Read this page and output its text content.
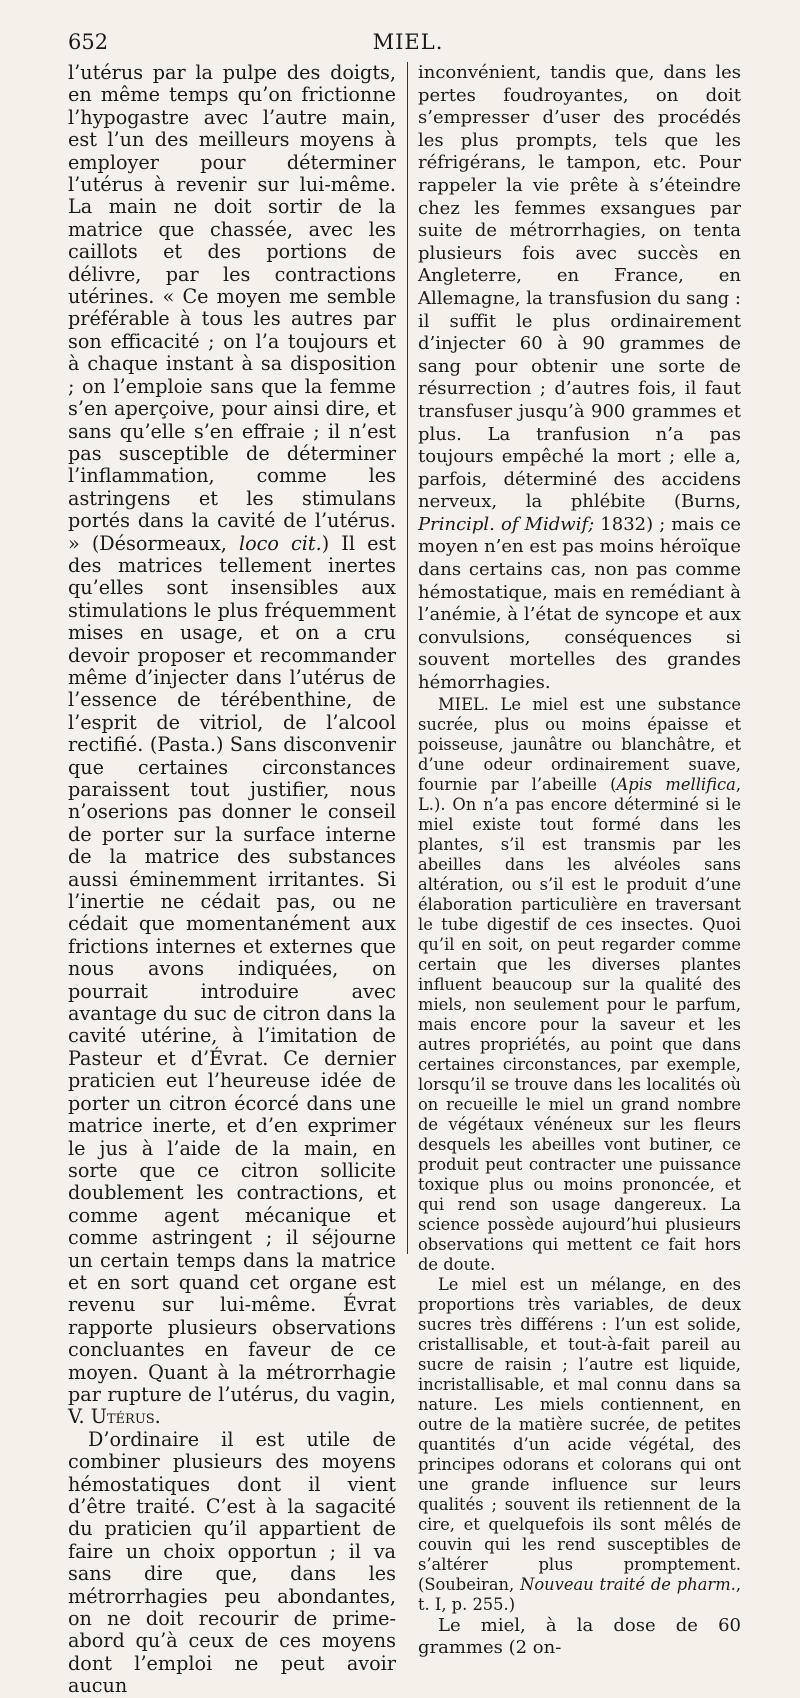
652	MIEL.

l’utérus par la pulpe des doigts, en même temps qu’on frictionne l’hypogastre avec l’autre main, est l’un des meilleurs moyens à employer pour déterminer l’utérus à revenir sur lui-même. La main ne doit sortir de la matrice que chassée, avec les caillots et des portions de délivre, par les contractions utérines. « Ce moyen me semble préférable à tous les autres par son efficacité ; on l’a toujours et à chaque instant à sa disposition ; on l’emploie sans que la femme s’en aperçoive, pour ainsi dire, et sans qu’elle s’en effraie ; il n’est pas susceptible de déterminer l’inflammation, comme les astringens et les stimulans portés dans la cavité de l’utérus. » (Désormeaux, loco cit.) Il est des matrices tellement inertes qu’elles sont insensibles aux stimulations le plus fréquemment mises en usage, et on a cru devoir proposer et recommander même d’injecter dans l’utérus de l’essence de térébenthine, de l’esprit de vitriol, de l’alcool rectifié. (Pasta.) Sans disconvenir que certaines circonstances paraissent tout justifier, nous n’oserions pas donner le conseil de porter sur la surface interne de la matrice des substances aussi éminemment irritantes. Si l’inertie ne cédait pas, ou ne cédait que momentanément aux frictions internes et externes que nous avons indiquées, on pourrait introduire avec avantage du suc de citron dans la cavité utérine, à l’imitation de Pasteur et d’Évrat. Ce dernier praticien eut l’heureuse idée de porter un citron écorcé dans une matrice inerte, et d’en exprimer le jus à l’aide de la main, en sorte que ce citron sollicite doublement les contractions, et comme agent mécanique et comme astringent ; il séjourne un certain temps dans la matrice et en sort quand cet organe est revenu sur lui-même. Évrat rapporte plusieurs observations concluantes en faveur de ce moyen. Quant à la métrorrhagie par rupture de l’utérus, du vagin, V. Utérus.

D’ordinaire il est utile de combiner plusieurs des moyens hémostatiques dont il vient d’être traité. C’est à la sagacité du praticien qu’il appartient de faire un choix opportun ; il va sans dire que, dans les métrorrhagies peu abondantes, on ne doit recourir de prime-abord qu’à ceux de ces moyens dont l’emploi ne peut avoir aucun

inconvénient, tandis que, dans les pertes foudroyantes, on doit s’empresser d’user des procédés les plus prompts, tels que les réfrigérans, le tampon, etc. Pour rappeler la vie prête à s’éteindre chez les femmes exsangues par suite de métrorrhagies, on tenta plusieurs fois avec succès en Angleterre, en France, en Allemagne, la transfusion du sang : il suffit le plus ordinairement d’injecter 60 à 90 grammes de sang pour obtenir une sorte de résurrection ; d’autres fois, il faut transfuser jusqu’à 900 grammes et plus. La tranfusion n’a pas toujours empêché la mort ; elle a, parfois, déterminé des accidens nerveux, la phlébite (Burns, Principl. of Midwif; 1832) ; mais ce moyen n’en est pas moins héroïque dans certains cas, non pas comme hémostatique, mais en remédiant à l’anémie, à l’état de syncope et aux convulsions, conséquences si souvent mortelles des grandes hémorrhagies.

MIEL. Le miel est une substance sucrée, plus ou moins épaisse et poisseuse, jaunâtre ou blanchâtre, et d’une odeur ordinairement suave, fournie par l’abeille (Apis mellifica, L.). On n’a pas encore déterminé si le miel existe tout formé dans les plantes, s’il est transmis par les abeilles dans les alvéoles sans altération, ou s’il est le produit d’une élaboration particulière en traversant le tube digestif de ces insectes. Quoi qu’il en soit, on peut regarder comme certain que les diverses plantes influent beaucoup sur la qualité des miels, non seulement pour le parfum, mais encore pour la saveur et les autres propriétés, au point que dans certaines circonstances, par exemple, lorsqu’il se trouve dans les localités où on recueille le miel un grand nombre de végétaux vénéneux sur les fleurs desquels les abeilles vont butiner, ce produit peut contracter une puissance toxique plus ou moins prononcée, et qui rend son usage dangereux. La science possède aujourd’hui plusieurs observations qui mettent ce fait hors de doute.

Le miel est un mélange, en des proportions très variables, de deux sucres très différens : l’un est solide, cristallisable, et tout-à-fait pareil au sucre de raisin ; l’autre est liquide, incristallisable, et mal connu dans sa nature. Les miels contiennent, en outre de la matière sucrée, de petites quantités d’un acide végétal, des principes odorans et colorans qui ont une grande influence sur leurs qualités ; souvent ils retiennent de la cire, et quelquefois ils sont mêlés de couvin qui les rend susceptibles de s’altérer plus promptement. (Soubeiran, Nouveau traité de pharm., t. I, p. 255.)

Le miel, à la dose de 60 grammes (2 on-
